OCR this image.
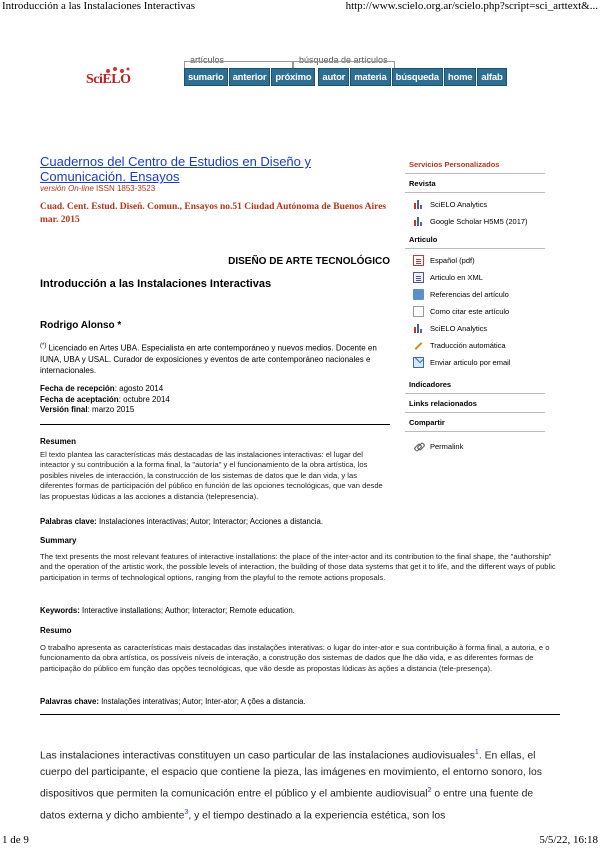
Introducción a las Instalaciones Interactivas	http://www.scielo.org.ar/scielo.php?script=sci_arttext&...
SciELO
artículos	búsqueda de artículos
sumario anterior próximo	autor materia búsqueda home alfab
Cuadernos del Centro de Estudios en Diseño y Comunicación. Ensayos
versión On-line ISSN 1853-3523
Cuad. Cent. Estud. Diseñ. Comun., Ensayos no.51 Ciudad Autónoma de Buenos Aires mar. 2015
DISEÑO DE ARTE TECNOLÓGICO
Introducción a las Instalaciones Interactivas
Rodrigo Alonso *
(*) Licenciado en Artes UBA. Especialista en arte contemporáneo y nuevos medios. Docente en IUNA, UBA y USAL. Curador de exposiciones y eventos de arte contemporáneo nacionales e internacionales.
Fecha de recepción: agosto 2014
Fecha de aceptación: octubre 2014
Versión final: marzo 2015
Resumen
El texto plantea las características más destacadas de las instalaciones interactivas: el lugar del inteactor y su contribución a la forma final, la "autoría" y el funcionamiento de la obra artística, los posibles niveles de interacción, la construcción de los sistemas de datos que le dan vida, y las diferentes formas de participación del público en función de las opciones tecnológicas, que van desde las propuestas lúdicas a las acciones a distancia (telepresencia).
Palabras clave: Instalaciones interactivas; Autor; Interactor; Acciones a distancia.
Summary
The text presents the most relevant features of interactive installations: the place of the inter-actor and its contribution to the final shape, the "authorship" and the operation of the artistic work, the possible levels of interaction, the building of those data systems that get it to life, and the different ways of public participation in terms of technological options, ranging from the playful to the remote actions proposals.
Keywords: Interactive installations; Author; Interactor; Remote education.
Resumo
O trabalho apresenta as características mais destacadas das instalações interativas: o lugar do inter-ator e sua contribuição à forma final, a autoria, e o funcionamento da obra artística, os possíveis níveis de interação, a construção dos sistemas de dados que lhe dão vida, e as diferentes formas de participação do público em função das opções tecnológicas, que vão desde as propostas lúdicas às ações a distancia (tele-presença).
Palavras chave: Instalações interativas; Autor; Inter-ator; A ções a distancia.
Las instalaciones interactivas constituyen un caso particular de las instalaciones audiovisuales$^1$. En ellas, el cuerpo del participante, el espacio que contiene la pieza, las imágenes en movimiento, el entorno sonoro, los dispositivos que permiten la comunicación entre el público y el ambiente audiovisual$^2$ o entre una fuente de datos externa y dicho ambiente$^3$, y el tiempo destinado a la experiencia estética, son los
Servicios Personalizados
Revista
SciELO Analytics
Google Scholar H5M5 (2017)
Articulo
Español (pdf)
Articulo en XML
Referencias del artículo
Como citar este artículo
SciELO Analytics
Traducción automática
Enviar articulo por email
Indicadores
Links relacionados
Compartir
Permalink
1 de 9	5/5/22, 16:18
